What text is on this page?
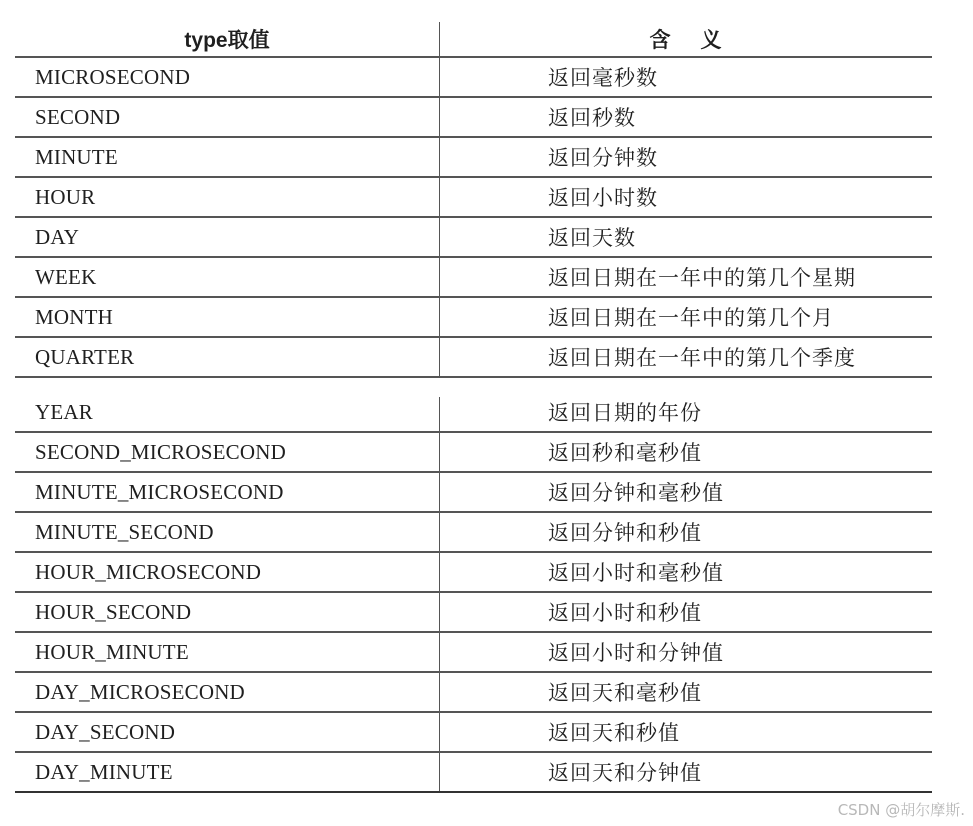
type取值	含义
MICROSECOND	返回毫秒数
SECOND	返回秒数
MINUTE	返回分钟数
HOUR	返回小时数
DAY	返回天数
WEEK	返回日期在一年中的第几个星期
MONTH	返回日期在一年中的第几个月
QUARTER	返回日期在一年中的第几个季度
YEAR	返回日期的年份
SECOND_MICROSECOND	返回秒和毫秒值
MINUTE_MICROSECOND	返回分钟和毫秒值
MINUTE_SECOND	返回分钟和秒值
HOUR_MICROSECOND	返回小时和毫秒值
HOUR_SECOND	返回小时和秒值
HOUR_MINUTE	返回小时和分钟值
DAY_MICROSECOND	返回天和毫秒值
DAY_SECOND	返回天和秒值
DAY_MINUTE	返回天和分钟值
CSDN @胡尔摩斯.
